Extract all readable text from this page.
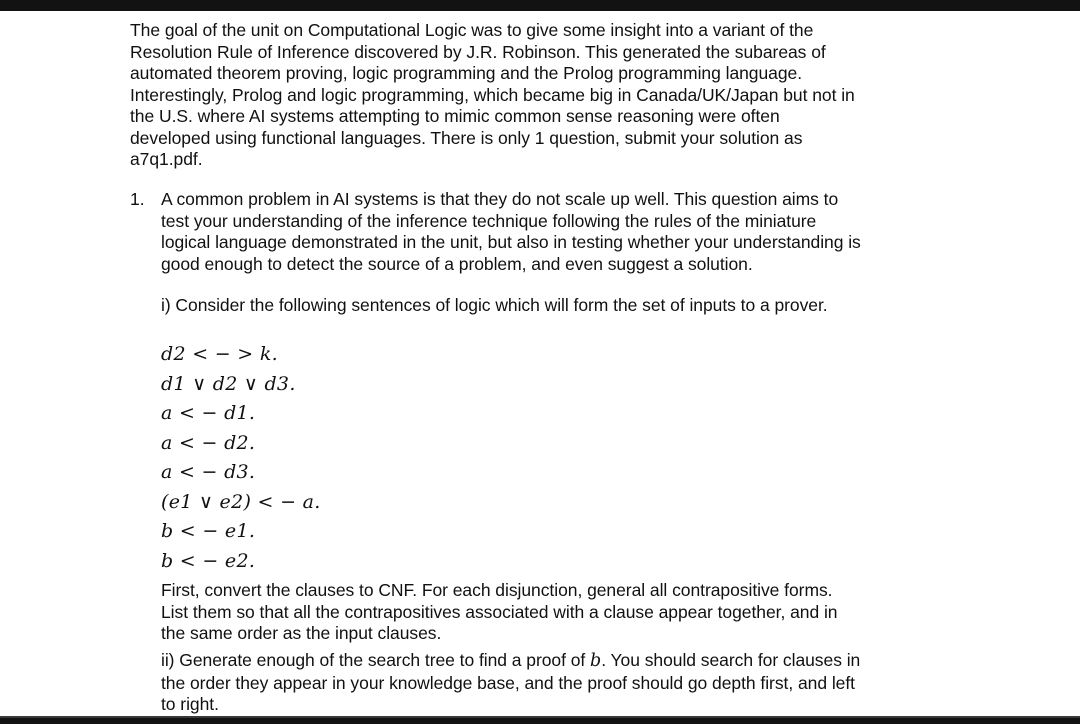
The goal of the unit on Computational Logic was to give some insight into a variant of the
Resolution Rule of Inference discovered by J.R. Robinson. This generated the subareas of
automated theorem proving, logic programming and the Prolog programming language.
Interestingly, Prolog and logic programming, which became big in Canada/UK/Japan but not in
the U.S. where AI systems attempting to mimic common sense reasoning were often
developed using functional languages. There is only 1 question, submit your solution as
a7q1.pdf.
1. A common problem in AI systems is that they do not scale up well. This question aims to
test your understanding of the inference technique following the rules of the miniature
logical language demonstrated in the unit, but also in testing whether your understanding is
good enough to detect the source of a problem, and even suggest a solution.
i) Consider the following sentences of logic which will form the set of inputs to a prover.
d2 < − > k.
d1 ∨ d2 ∨ d3.
a < − d1.
a < − d2.
a < − d3.
(e1 ∨ e2) < − a.
b < − e1.
b < − e2.
First, convert the clauses to CNF. For each disjunction, general all contrapositive forms.
List them so that all the contrapositives associated with a clause appear together, and in
the same order as the input clauses.
ii) Generate enough of the search tree to find a proof of b. You should search for clauses in
the order they appear in your knowledge base, and the proof should go depth first, and left
to right.
